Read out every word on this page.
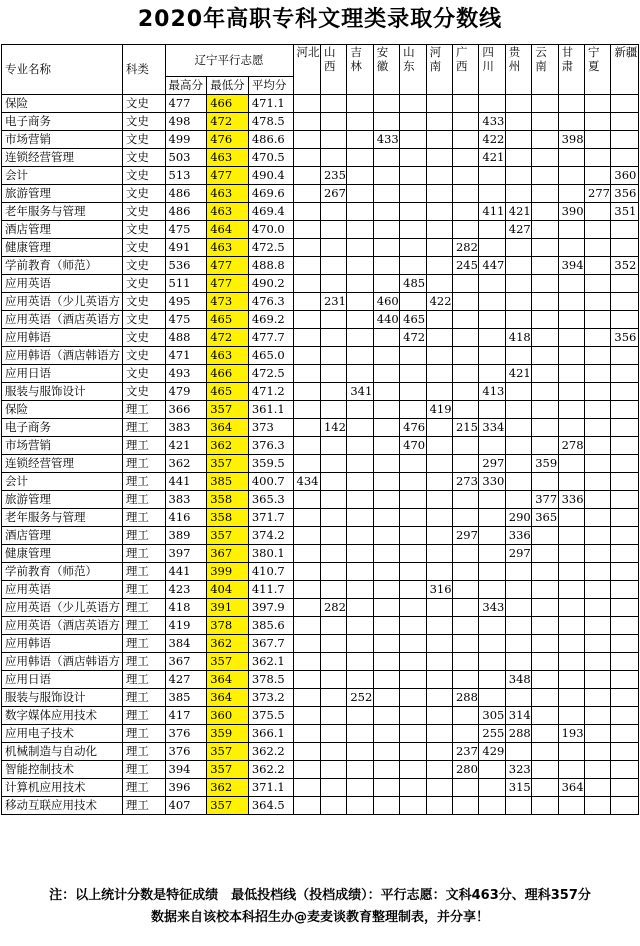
2020年高职专科文理类录取分数线
专业名称	科类	辽宁平行志愿			河北	山西	吉林	安徽	山东	河南	广西	四川	贵州	云南	甘肃	宁夏	新疆

		最高分	最低分	平均分													
保险	文史	477	466	471.1													
电子商务	文史	498	472	478.5								433					
市场营销	文史	499	476	486.6				433				422			398		
连锁经营管理	文史	503	463	470.5								421					
会计	文史	513	477	490.4		235											360
旅游管理	文史	486	463	469.6		267										277	356
老年服务与管理	文史	486	463	469.4								411	421		390		351
酒店管理	文史	475	464	470.0									427				
健康管理	文史	491	463	472.5							282						
学前教育（师范）	文史	536	477	488.8							245	447			394		352
应用英语	文史	511	477	490.2					485								
应用英语（少儿英语方	文史	495	473	476.3		231		460		422							
应用英语（酒店英语方	文史	475	465	469.2				440	465								
应用韩语	文史	488	472	477.7					472				418				356
应用韩语（酒店韩语方	文史	471	463	465.0													
应用日语	文史	493	466	472.5									421				
服装与服饰设计	文史	479	465	471.2			341					413					
保险	理工	366	357	361.1						419							
电子商务	理工	383	364	373		142			476		215	334					
市场营销	理工	421	362	376.3					470						278		
连锁经营管理	理工	362	357	359.5								297		359			
会计	理工	441	385	400.7	434						273	330					
旅游管理	理工	383	358	365.3										377	336		
老年服务与管理	理工	416	358	371.7									290	365			
酒店管理	理工	389	357	374.2							297		336				
健康管理	理工	397	367	380.1									297				
学前教育（师范）	理工	441	399	410.7													
应用英语	理工	423	404	411.7						316							
应用英语（少儿英语方	理工	418	391	397.9		282						343					
应用英语（酒店英语方	理工	419	378	385.6													
应用韩语	理工	384	362	367.7													
应用韩语（酒店韩语方	理工	367	357	362.1													
应用日语	理工	427	364	378.5									348				
服装与服饰设计	理工	385	364	373.2			252				288						
数字媒体应用技术	理工	417	360	375.5								305	314				
应用电子技术	理工	376	359	366.1								255	288		193		
机械制造与自动化	理工	376	357	362.2							237	429					
智能控制技术	理工	394	357	362.2							280		323				
计算机应用技术	理工	396	362	371.1									315		364		
移动互联应用技术	理工	407	357	364.5													
注：以上统计分数是特征成绩　最低投档线（投档成绩）：平行志愿：文科463分、理科357分
数据来自该校本科招生办@麦麦谈教育整理制表，并分享！
